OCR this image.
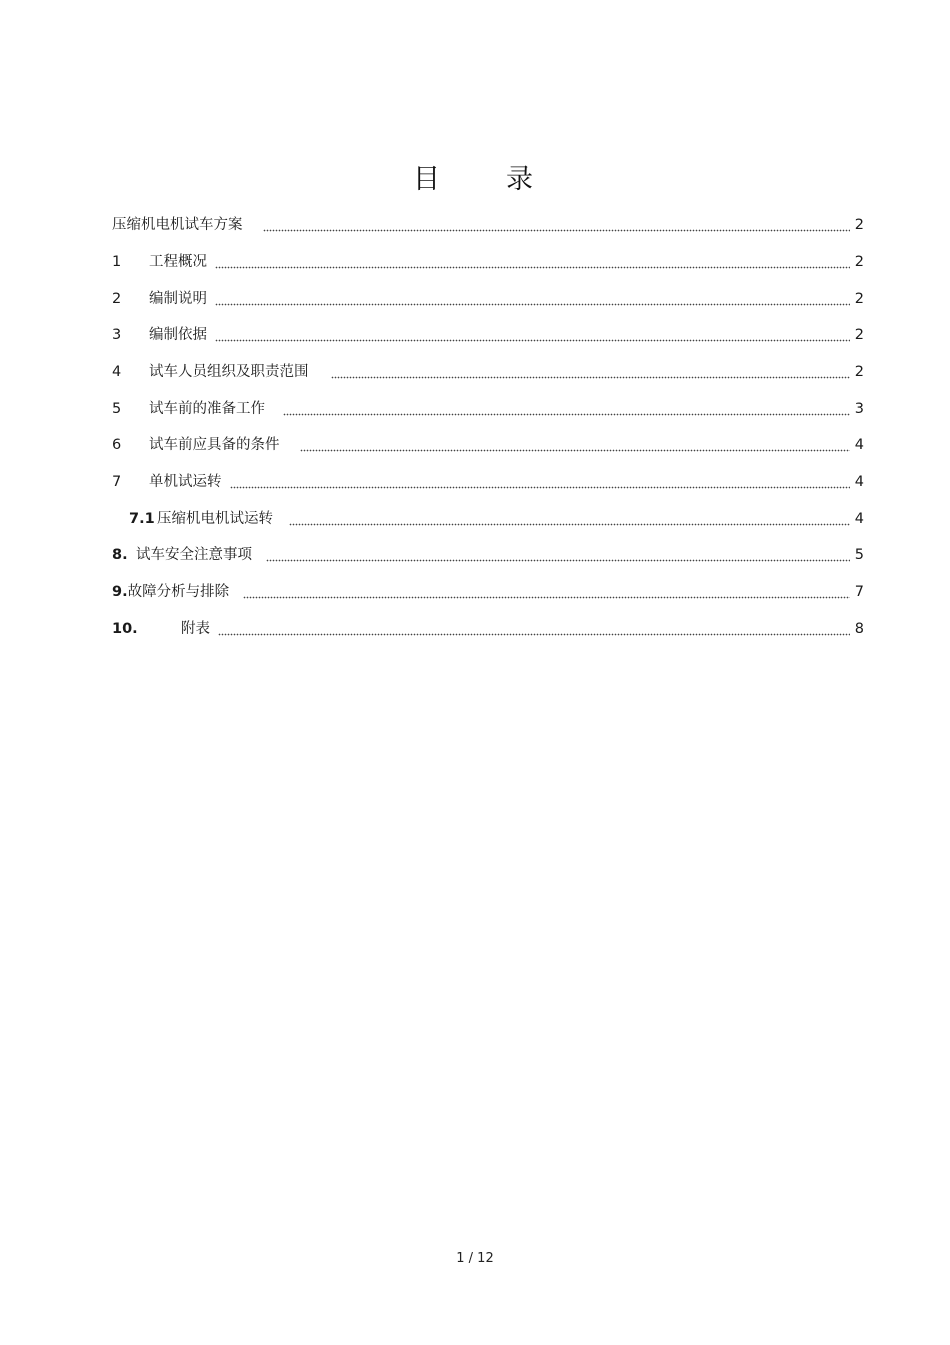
目　　录
压缩机电机试车方案	2
1	工程概况	2
2	编制说明	2
3	编制依据	2
4	试车人员组织及职责范围	2
5	试车前的准备工作	3
6	试车前应具备的条件	4
7	单机试运转	4
7.1 压缩机电机试运转	4
8. 试车安全注意事项	5
9. 故障分析与排除	7
10.	附表	8
1 / 12
